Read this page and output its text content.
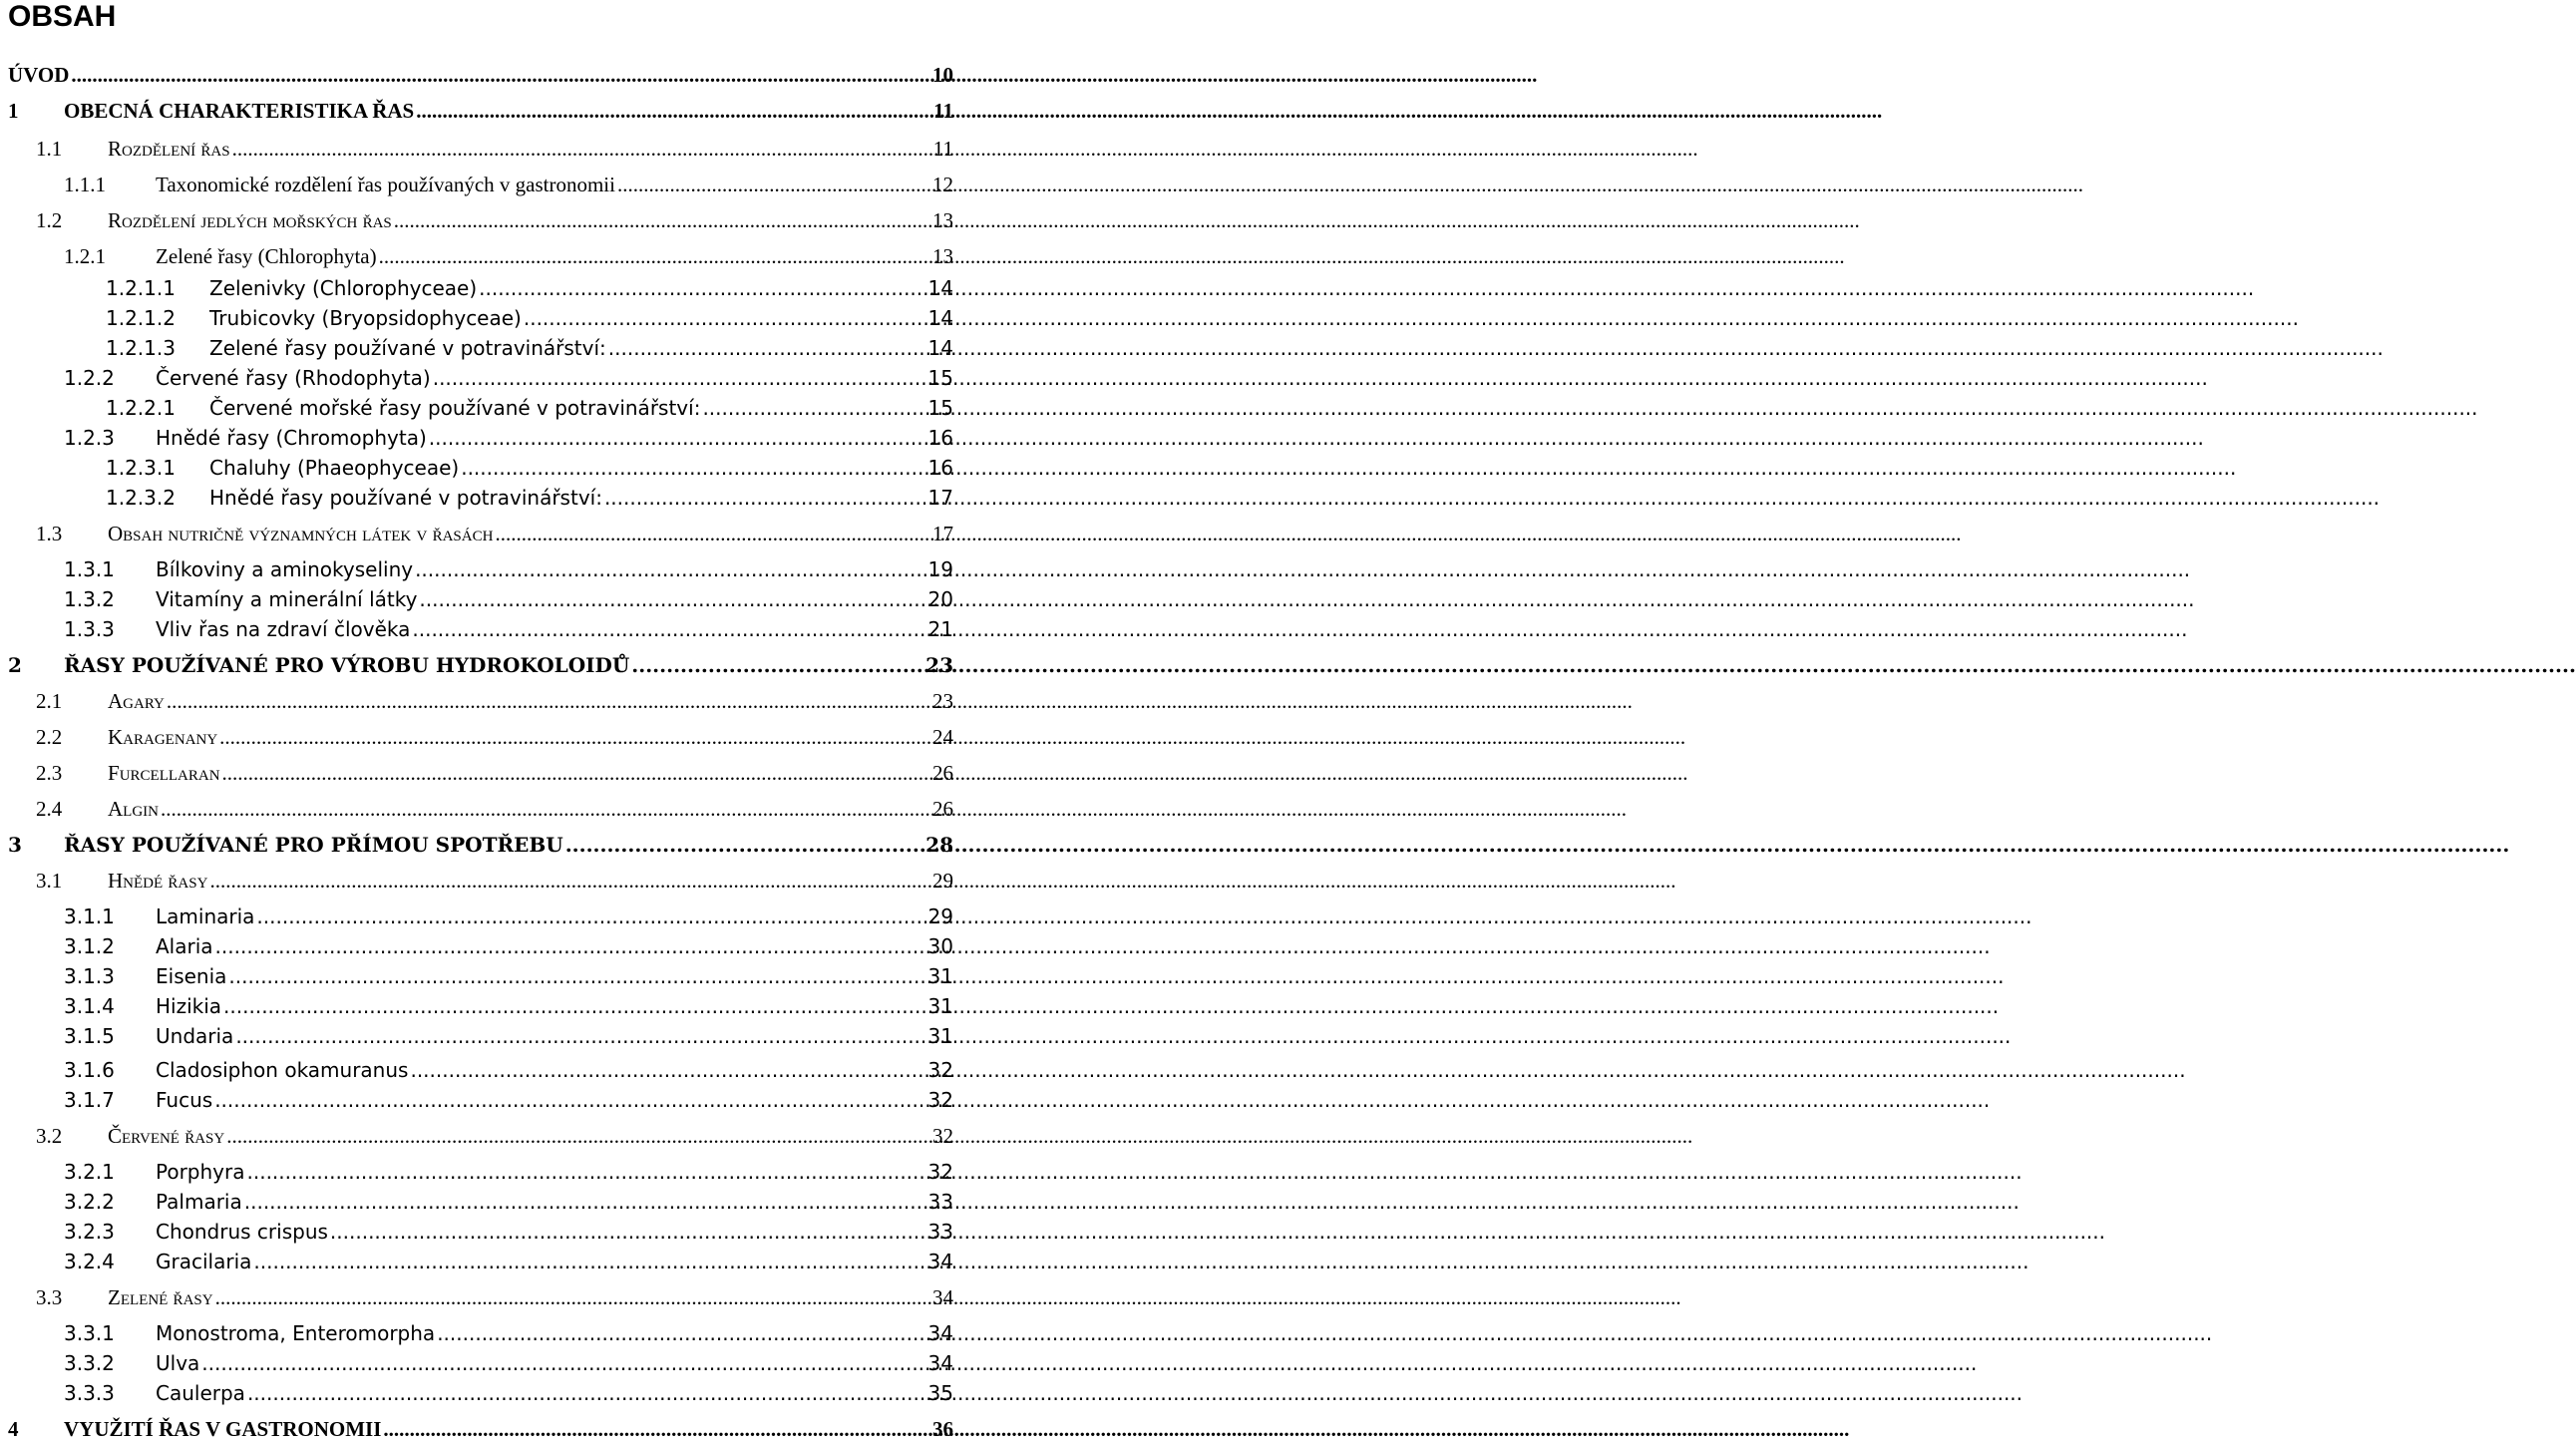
OBSAH
ÚVOD .....	10
1	OBECNÁ CHARAKTERISTIKA ŘAS .....	11
1.1	rozdělení řas .....	11
1.1.1	Taxonomické rozdělení řas používaných v gastronomii .....	12
1.2	rozdělení jedlých mořských řas .....	13
1.2.1	Zelené řasy (Chlorophyta) .....	13
1.2.1.1	Zelenivky (Chlorophyceae) .....	14
1.2.1.2	Trubicovky (Bryopsidophyceae) .....	14
1.2.1.3	Zelené řasy používané v potravinářství: .....	14
1.2.2	Červené řasy (Rhodophyta) .....	15
1.2.2.1	Červené mořské řasy používané v potravinářství: .....	15
1.2.3	Hnědé řasy (Chromophyta) .....	16
1.2.3.1	Chaluhy (Phaeophyceae) .....	16
1.2.3.2	Hnědé řasy používané v potravinářství: .....	17
1.3	obsah nutričně významných látek v řasách .....	17
1.3.1	Bílkoviny a aminokyseliny .....	19
1.3.2	Vitamíny a minerální látky .....	20
1.3.3	Vliv řas na zdraví člověka .....	21
2	ŘASY POUŽÍVANÉ PRO VÝROBU HYDROKOLOIDŮ .....	23
2.1	agary .....	23
2.2	karagenany .....	24
2.3	furcellaran .....	26
2.4	algin .....	26
3	ŘASY POUŽÍVANÉ PRO PŘÍMOU SPOTŘEBU .....	28
3.1	hnědé řasy .....	29
3.1.1	Laminaria .....	29
3.1.2	Alaria .....	30
3.1.3	Eisenia .....	31
3.1.4	Hizikia .....	31
3.1.5	Undaria .....	31
3.1.6	Cladosiphon okamuranus .....	32
3.1.7	Fucus .....	32
3.2	červené řasy .....	32
3.2.1	Porphyra .....	32
3.2.2	Palmaria .....	33
3.2.3	Chondrus crispus .....	33
3.2.4	Gracilaria .....	34
3.3	zelené řasy .....	34
3.3.1	Monostroma, Enteromorpha .....	34
3.3.2	Ulva .....	34
3.3.3	Caulerpa .....	35
4	VYUŽITÍ ŘAS V GASTRONOMII .....	36
